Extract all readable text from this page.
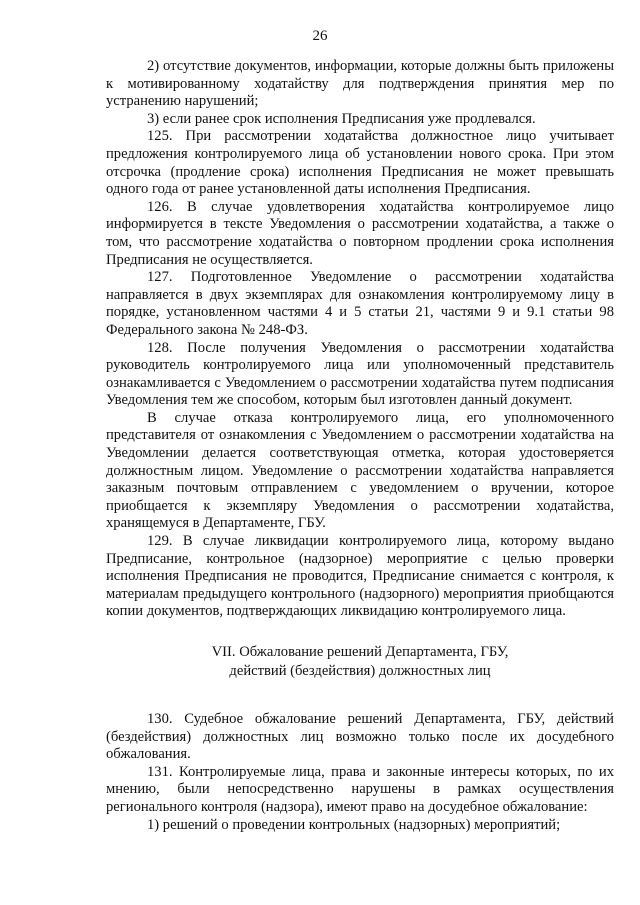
26

2) отсутствие документов, информации, которые должны быть приложены к мотивированному ходатайству для подтверждения принятия мер по устранению нарушений;

3) если ранее срок исполнения Предписания уже продлевался.

125. При рассмотрении ходатайства должностное лицо учитывает предложения контролируемого лица об установлении нового срока. При этом отсрочка (продление срока) исполнения Предписания не может превышать одного года от ранее установленной даты исполнения Предписания.

126. В случае удовлетворения ходатайства контролируемое лицо информируется в тексте Уведомления о рассмотрении ходатайства, а также о том, что рассмотрение ходатайства о повторном продлении срока исполнения Предписания не осуществляется.

127. Подготовленное Уведомление о рассмотрении ходатайства направляется в двух экземплярах для ознакомления контролируемому лицу в порядке, установленном частями 4 и 5 статьи 21, частями 9 и 9.1 статьи 98 Федерального закона № 248-ФЗ.

128. После получения Уведомления о рассмотрении ходатайства руководитель контролируемого лица или уполномоченный представитель ознакамливается с Уведомлением о рассмотрении ходатайства путем подписания Уведомления тем же способом, которым был изготовлен данный документ.

В случае отказа контролируемого лица, его уполномоченного представителя от ознакомления с Уведомлением о рассмотрении ходатайства на Уведомлении делается соответствующая отметка, которая удостоверяется должностным лицом. Уведомление о рассмотрении ходатайства направляется заказным почтовым отправлением с уведомлением о вручении, которое приобщается к экземпляру Уведомления о рассмотрении ходатайства, хранящемуся в Департаменте, ГБУ.

129. В случае ликвидации контролируемого лица, которому выдано Предписание, контрольное (надзорное) мероприятие с целью проверки исполнения Предписания не проводится, Предписание снимается с контроля, к материалам предыдущего контрольного (надзорного) мероприятия приобщаются копии документов, подтверждающих ликвидацию контролируемого лица.

VII. Обжалование решений Департамента, ГБУ,
действий (бездействия) должностных лиц

130. Судебное обжалование решений Департамента, ГБУ, действий (бездействия) должностных лиц возможно только после их досудебного обжалования.

131. Контролируемые лица, права и законные интересы которых, по их мнению, были непосредственно нарушены в рамках осуществления регионального контроля (надзора), имеют право на досудебное обжалование:

1) решений о проведении контрольных (надзорных) мероприятий;
